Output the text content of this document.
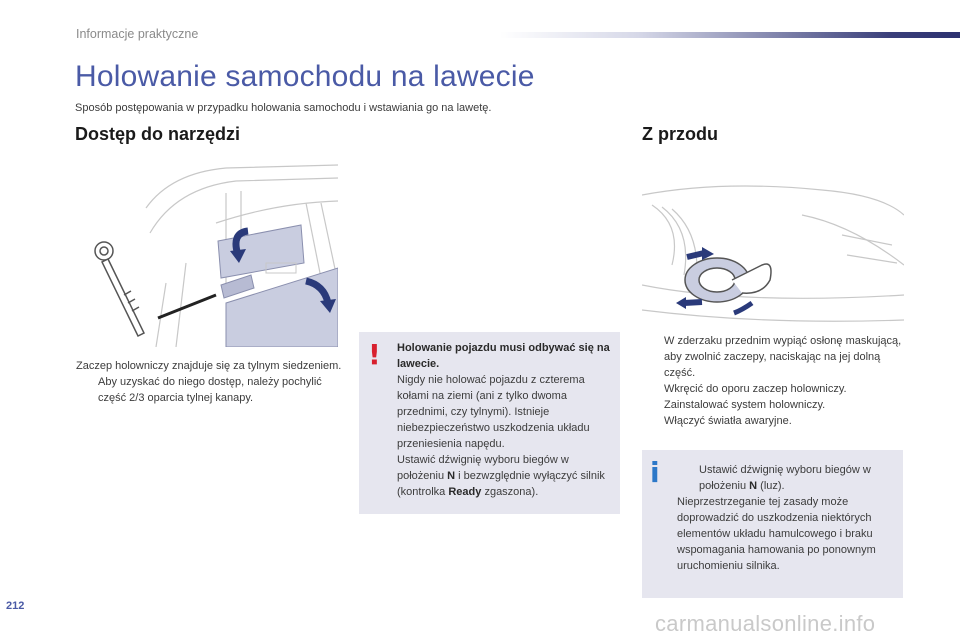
Informacje praktyczne
Holowanie samochodu na lawecie
Sposób postępowania w przypadku holowania samochodu i wstawiania go na lawetę.
Dostęp do narzędzi	Z przodu
Zaczep holowniczy znajduje się za tylnym siedzeniem.
Aby uzyskać do niego dostęp, należy pochylić część 2/3 oparcia tylnej kanapy.
! Holowanie pojazdu musi odbywać się na lawecie.
Nigdy nie holować pojazdu z czterema kołami na ziemi (ani z tylko dwoma przednimi, czy tylnymi). Istnieje niebezpieczeństwo uszkodzenia układu przeniesienia napędu.
Ustawić dźwignię wyboru biegów w położeniu N i bezwzględnie wyłączyć silnik (kontrolka Ready zgaszona).
W zderzaku przednim wypiąć osłonę maskującą, aby zwolnić zaczepy, naciskając na jej dolną część.
Wkręcić do oporu zaczep holowniczy.
Zainstalować system holowniczy.
Włączyć światła awaryjne.
i	Ustawić dźwignię wyboru biegów w położeniu N (luz).
Nieprzestrzeganie tej zasady może doprowadzić do uszkodzenia niektórych elementów układu hamulcowego i braku wspomagania hamowania po ponownym uruchomieniu silnika.
212
carmanualsonline.info
